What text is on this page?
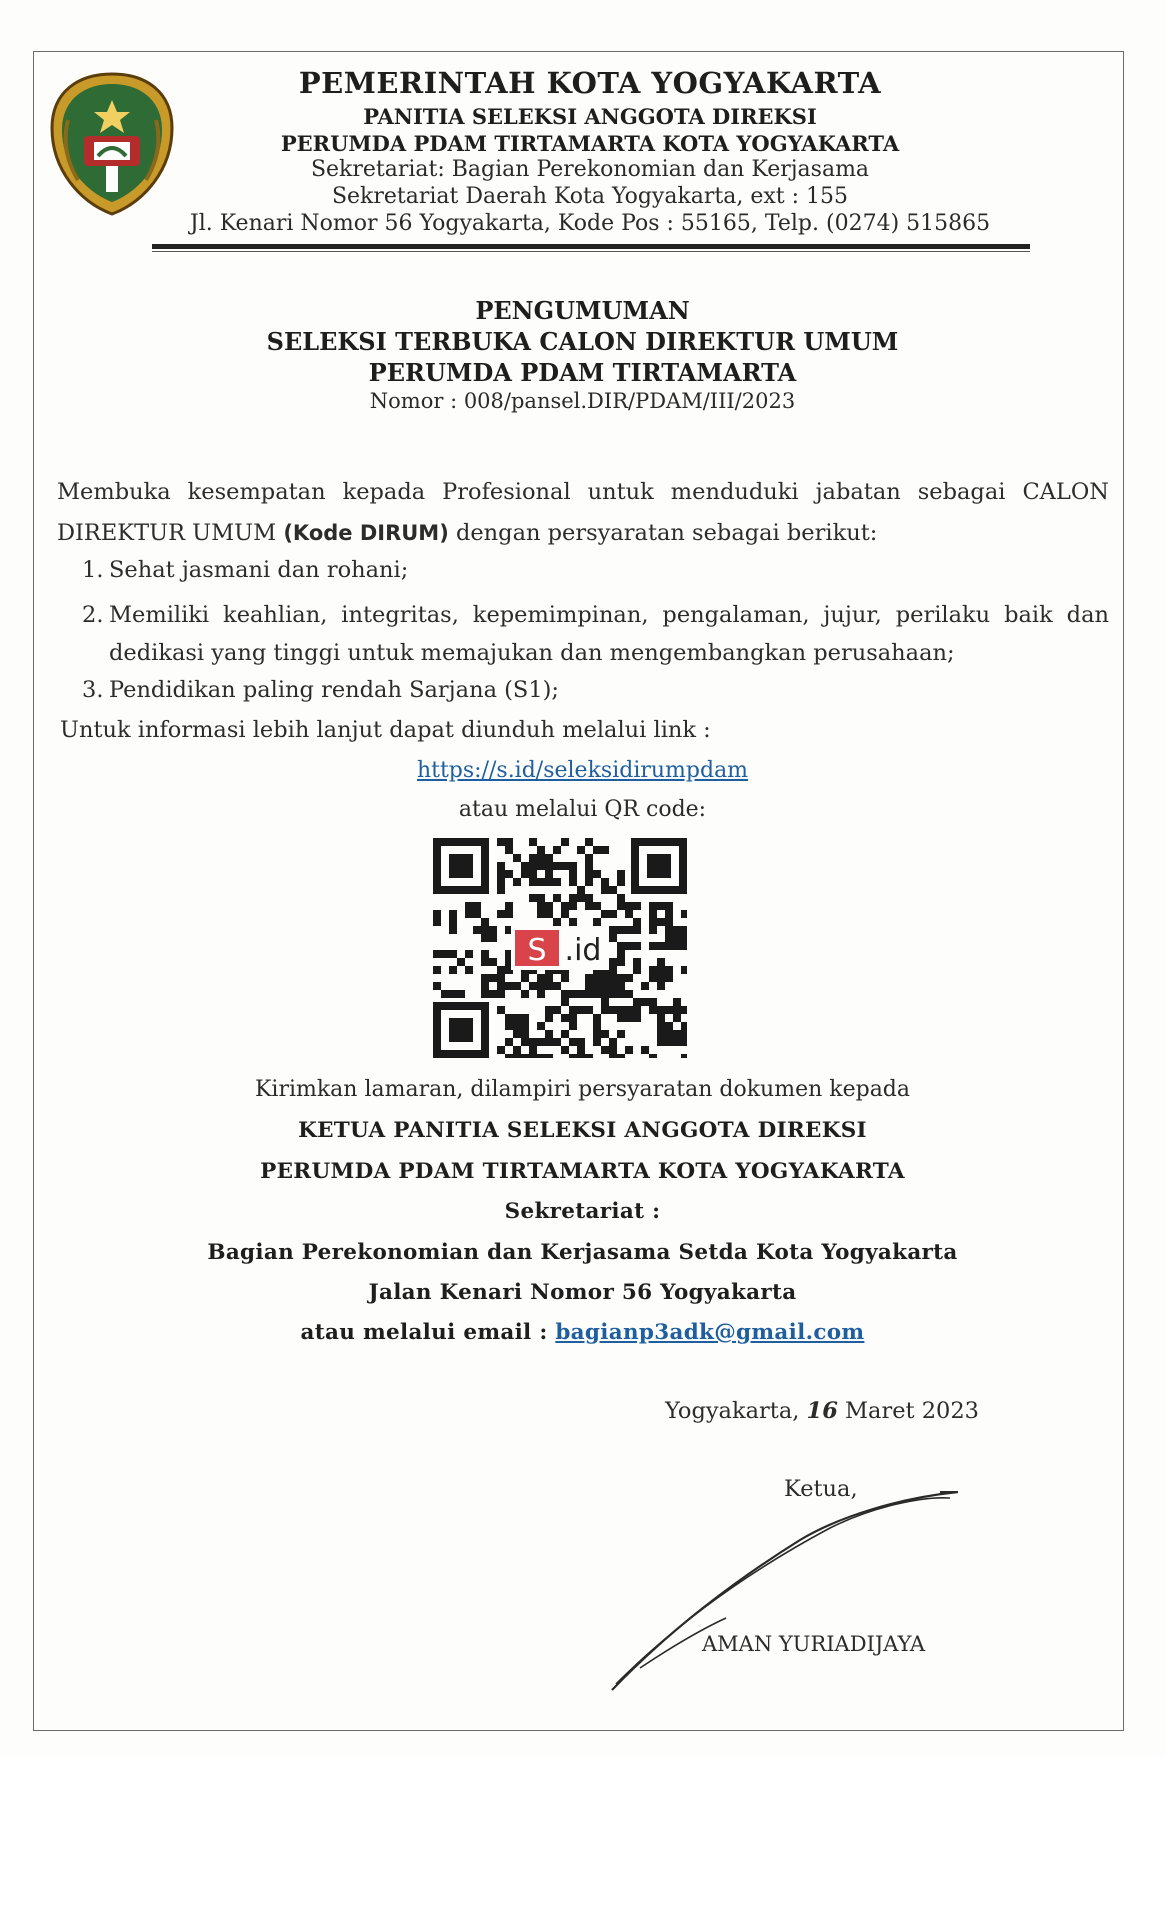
PEMERINTAH KOTA YOGYAKARTA
PANITIA SELEKSI ANGGOTA DIREKSI
PERUMDA PDAM TIRTAMARTA KOTA YOGYAKARTA
Sekretariat: Bagian Perekonomian dan Kerjasama
Sekretariat Daerah Kota Yogyakarta, ext : 155
Jl. Kenari Nomor 56 Yogyakarta, Kode Pos : 55165, Telp. (0274) 515865
PENGUMUMAN
SELEKSI TERBUKA CALON DIREKTUR UMUM
PERUMDA PDAM TIRTAMARTA
Nomor : 008/pansel.DIR/PDAM/III/2023
Membuka kesempatan kepada Profesional untuk menduduki jabatan sebagai CALON
DIREKTUR UMUM (Kode DIRUM) dengan persyaratan sebagai berikut:
1. Sehat jasmani dan rohani;
2. Memiliki keahlian, integritas, kepemimpinan, pengalaman, jujur, perilaku baik dan
dedikasi yang tinggi untuk memajukan dan mengembangkan perusahaan;
3. Pendidikan paling rendah Sarjana (S1);
Untuk informasi lebih lanjut dapat diunduh melalui link :
https://s.id/seleksidirumpdam
atau melalui QR code:
S .id
Kirimkan lamaran, dilampiri persyaratan dokumen kepada
KETUA PANITIA SELEKSI ANGGOTA DIREKSI
PERUMDA PDAM TIRTAMARTA KOTA YOGYAKARTA
Sekretariat :
Bagian Perekonomian dan Kerjasama Setda Kota Yogyakarta
Jalan Kenari Nomor 56 Yogyakarta
atau melalui email : bagianp3adk@gmail.com
Yogyakarta, 16 Maret 2023
Ketua,
AMAN YURIADIJAYA
